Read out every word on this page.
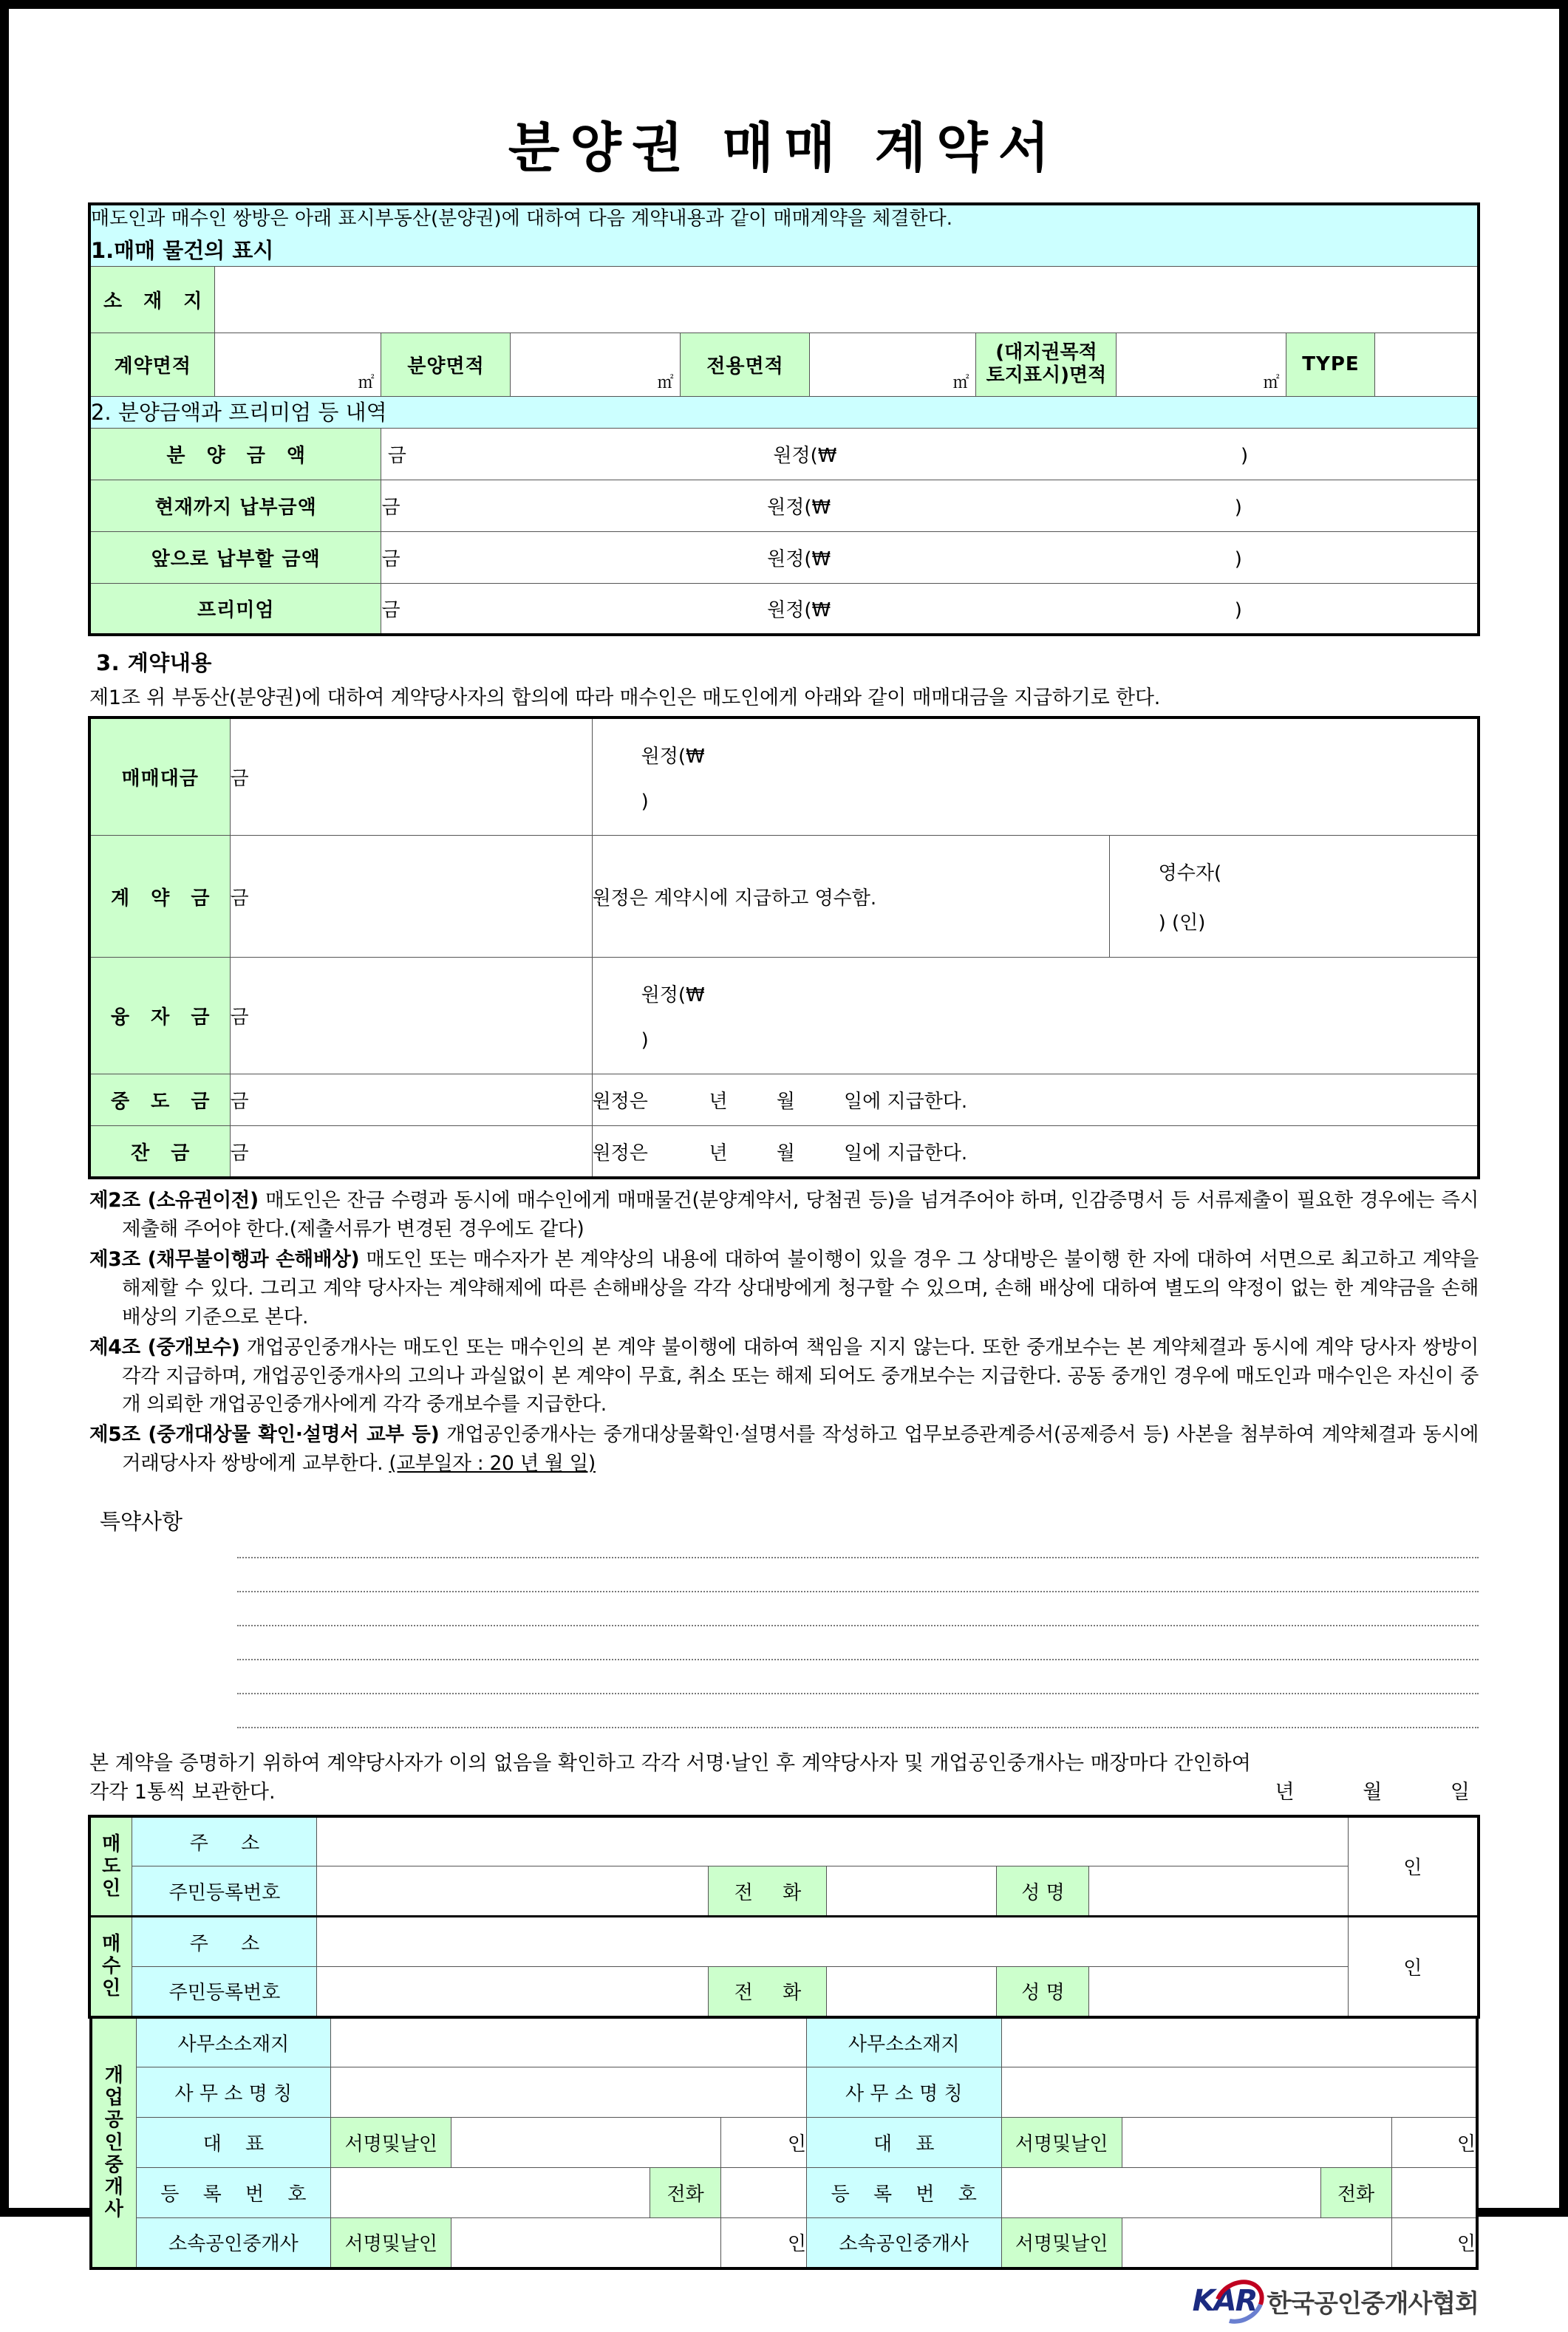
분양권 매매 계약서
매도인과 매수인 쌍방은 아래 표시부동산(분양권)에 대하여 다음 계약내용과 같이 매매계약을 체결한다.
1.매매 물건의 표시									

소 재 지									
계약면적	㎡	분양면적	㎡	전용면적	㎡	(대지권목적
토지표시)면적	㎡	TYPE	
2. 분양금액과 프리미엄 등 내역									
분 양 금 액		금 원정(₩ )							
현재까지 납부금액		금 원정(₩ )							
앞으로 납부할 금액		금 원정(₩ )							
프리미엄		금 원정(₩ )							
3. 계약내용
제1조 위 부동산(분양권)에 대하여 계약당사자의 합의에 따라 매수인은 매도인에게 아래와 같이 매매대금을 지급하기로 한다.
매매대금	금	원정(₩

)	

계 약 금	금	원정은 계약시에 지급하고 영수함.	영수자(

) (인)

융 자 금	금	원정(₩

)	

중 도 금	금	원정은          년        월        일에 지급한다.	
잔 금	금	원정은          년        월        일에 지급한다.	

제2조 (소유권이전) 매도인은 잔금 수령과 동시에 매수인에게 매매물건(분양계약서, 당첨권 등)을 넘겨주어야 하며, 인감증명서 등 서류제출이 필요한 경우에는 즉시 제출해 주어야 한다.(제출서류가 변경된 경우에도 같다)

제3조 (채무불이행과 손해배상) 매도인 또는 매수자가 본 계약상의 내용에 대하여 불이행이 있을 경우 그 상대방은 불이행 한 자에 대하여 서면으로 최고하고 계약을 해제할 수 있다. 그리고 계약 당사자는 계약해제에 따른 손해배상을 각각 상대방에게 청구할 수 있으며, 손해 배상에 대하여 별도의 약정이 없는 한 계약금을 손해배상의 기준으로 본다.

제4조 (중개보수) 개업공인중개사는 매도인 또는 매수인의 본 계약 불이행에 대하여 책임을 지지 않는다. 또한 중개보수는 본 계약체결과 동시에 계약 당사자 쌍방이 각각 지급하며, 개업공인중개사의 고의나 과실없이 본 계약이 무효, 취소 또는 해제 되어도 중개보수는 지급한다. 공동 중개인 경우에 매도인과 매수인은 자신이 중개 의뢰한 개업공인중개사에게 각각 중개보수를 지급한다.

제5조 (중개대상물 확인·설명서 교부 등) 개업공인중개사는 중개대상물확인·설명서를 작성하고 업무보증관계증서(공제증서 등) 사본을 첨부하여 계약체결과 동시에 거래당사자 쌍방에게 교부한다. (교부일자 : 20 년 월 일)

특약사항
본 계약을 증명하기 위하여 계약당사자가 이의 없음을 확인하고 각각 서명·날인 후 계약당사자 및 개업공인중개사는 매장마다 간인하여
각각 1통씩 보관한다.	년	월	일
매
도
인	주 소						인
	주민등록번호		전 화		성 명		
매
수
인	주 소						인
	주민등록번호		전 화		성 명		
개
업
공
인
중
개
사	사무소소재지		사무소소재지	
	사 무 소 명 칭					사 무 소 명 칭				
	대 표	서명및날인			인	대 표	서명및날인			인
	등 록 번 호			전화		등 록 번 호			전화	
	소속공인중개사	서명및날인			인	소속공인중개사	서명및날인			인
KAR 한국공인중개사협회
